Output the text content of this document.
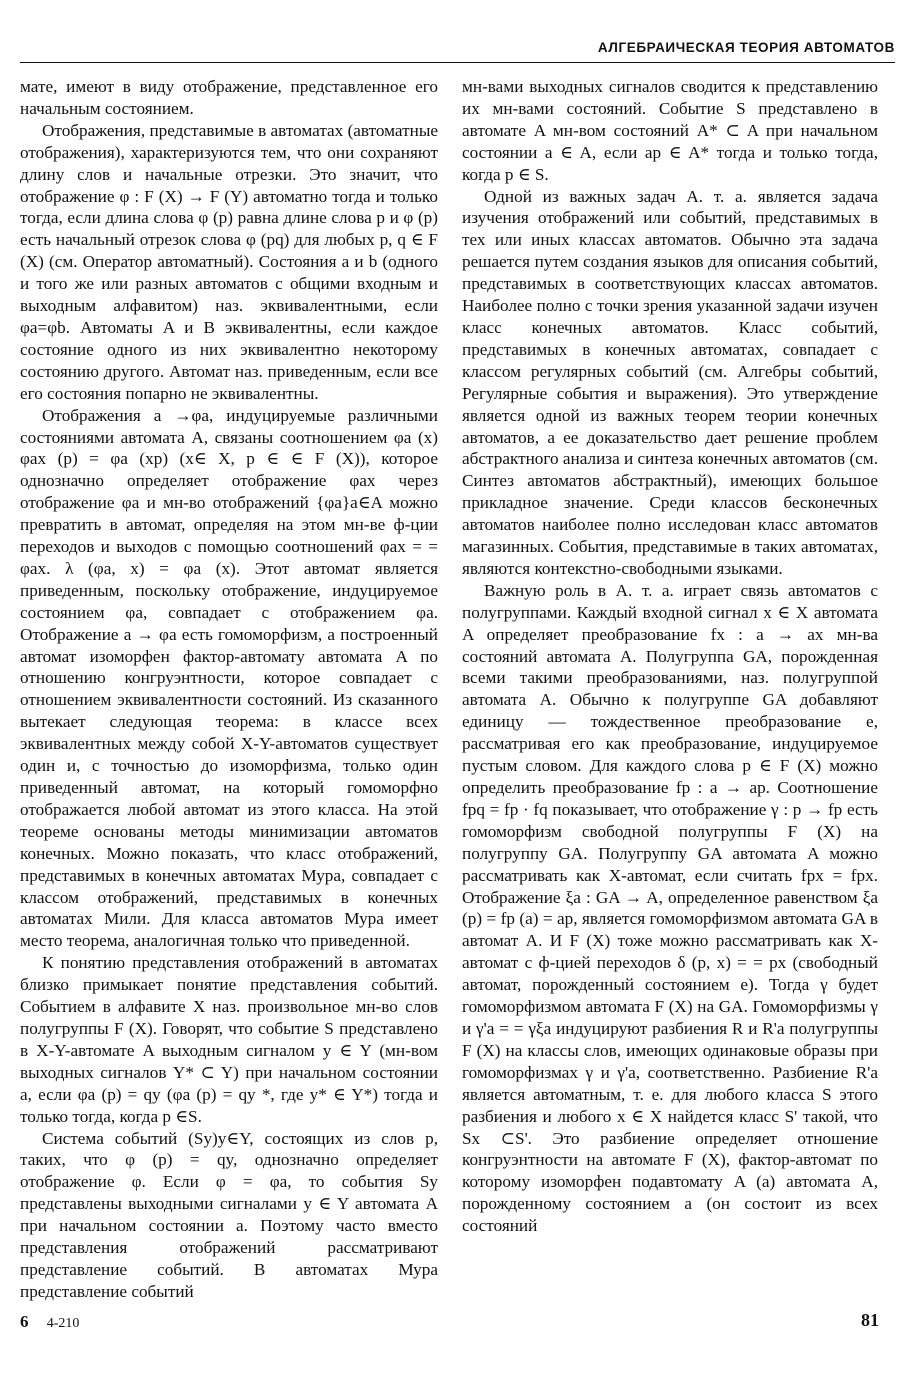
АЛГЕБРАИЧЕСКАЯ ТЕОРИЯ АВТОМАТОВ

мате, имеют в виду отображение, представленное его начальным состоянием.

Отображения, представимые в автоматах (автоматные отображения), характеризуются тем, что они сохраняют длину слов и начальные отрезки. Это значит, что отображение φ : F (X) → F (Y) автоматно тогда и только тогда, если длина слова φ (p) равна длине слова p и φ (p) есть начальный отрезок слова φ (pq) для любых p, q ∈ F (X) (см. Оператор автоматный). Состояния a и b (одного и того же или разных автоматов с общими входным и выходным алфавитом) наз. эквивалентными, если φa=φb. Автоматы A и B эквивалентны, если каждое состояние одного из них эквивалентно некоторому состоянию другого. Автомат наз. приведенным, если все его состояния попарно не эквивалентны.

Отображения a →φa, индуцируемые различными состояниями автомата A, связаны соотношением φa (x) φax (p) = φa (xp) (x∈ X, p ∈ ∈ F (X)), которое однозначно определяет отображение φax через отображение φa и мн-во отображений {φa}a∈A можно превратить в автомат, определяя на этом мн-ве ф-ции переходов и выходов с помощью соотношений φax = = φax. λ (φa, x) = φa (x). Этот автомат является приведенным, поскольку отображение, индуцируемое состоянием φa, совпадает с отображением φa. Отображение a → φa есть гомоморфизм, а построенный автомат изоморфен фактор-автомату автомата A по отношению конгруэнтности, которое совпадает с отношением эквивалентности состояний. Из сказанного вытекает следующая теорема: в классе всех эквивалентных между собой X-Y-автоматов существует один и, с точностью до изоморфизма, только один приведенный автомат, на который гомоморфно отображается любой автомат из этого класса. На этой теореме основаны методы минимизации автоматов конечных. Можно показать, что класс отображений, представимых в конечных автоматах Мура, совпадает с классом отображений, представимых в конечных автоматах Мили. Для класса автоматов Мура имеет место теорема, аналогичная только что приведенной.

К понятию представления отображений в автоматах близко примыкает понятие представления событий. Событием в алфавите X наз. произвольное мн-во слов полугруппы F (X). Говорят, что событие S представлено в X-Y-автомате A выходным сигналом y ∈ Y (мн-вом выходных сигналов Y* ⊂ Y) при начальном состоянии a, если φa (p) = qy (φa (p) = qy *, где y* ∈ Y*) тогда и только тогда, когда p ∈S.

Система событий (Sy)y∈Y, состоящих из слов p, таких, что φ (p) = qy, однозначно определяет отображение φ. Если φ = φa, то события Sy представлены выходными сигналами y ∈ Y автомата A при начальном состоянии a. Поэтому часто вместо представления отображений рассматривают представление событий. В автоматах Мура представление событий

мн-вами выходных сигналов сводится к представлению их мн-вами состояний. Событие S представлено в автомате A мн-вом состояний A* ⊂ A при начальном состоянии a ∈ A, если ap ∈ A* тогда и только тогда, когда p ∈ S.

Одной из важных задач А. т. а. является задача изучения отображений или событий, представимых в тех или иных классах автоматов. Обычно эта задача решается путем создания языков для описания событий, представимых в соответствующих классах автоматов. Наиболее полно с точки зрения указанной задачи изучен класс конечных автоматов. Класс событий, представимых в конечных автоматах, совпадает с классом регулярных событий (см. Алгебры событий, Регулярные события и выражения). Это утверждение является одной из важных теорем теории конечных автоматов, а ее доказательство дает решение проблем абстрактного анализа и синтеза конечных автоматов (см. Синтез автоматов абстрактный), имеющих большое прикладное значение. Среди классов бесконечных автоматов наиболее полно исследован класс автоматов магазинных. События, представимые в таких автоматах, являются контекстно-свободными языками.

Важную роль в А. т. а. играет связь автоматов с полугруппами. Каждый входной сигнал x ∈ X автомата A определяет преобразование fx : a → ax мн-ва состояний автомата A. Полугруппа GA, порожденная всеми такими преобразованиями, наз. полугруппой автомата A. Обычно к полугруппе GA добавляют единицу — тождественное преобразование e, рассматривая его как преобразование, индуцируемое пустым словом. Для каждого слова p ∈ F (X) можно определить преобразование fp : a → ap. Соотношение fpq = fp · fq показывает, что отображение γ : p → fp есть гомоморфизм свободной полугруппы F (X) на полугруппу GA. Полугруппу GA автомата A можно рассматривать как X-автомат, если считать fpx = fpx. Отображение ξa : GA → A, определенное равенством ξa (p) = fp (a) = ap, является гомоморфизмом автомата GA в автомат A. И F (X) тоже можно рассматривать как X-автомат с ф-цией переходов δ (p, x) = = px (свободный автомат, порожденный состоянием e). Тогда γ будет гомоморфизмом автомата F (X) на GA. Гомоморфизмы γ и γ'a = = γξa индуцируют разбиения R и R'a полугруппы F (X) на классы слов, имеющих одинаковые образы при гомоморфизмах γ и γ'a, соответственно. Разбиение R'a является автоматным, т. е. для любого класса S этого разбиения и любого x ∈ X найдется класс S' такой, что Sx ⊂S'. Это разбиение определяет отношение конгруэнтности на автомате F (X), фактор-автомат по которому изоморфен подавтомату A (a) автомата A, порожденному состоянием a (он состоит из всех состояний

6 4-210	81
